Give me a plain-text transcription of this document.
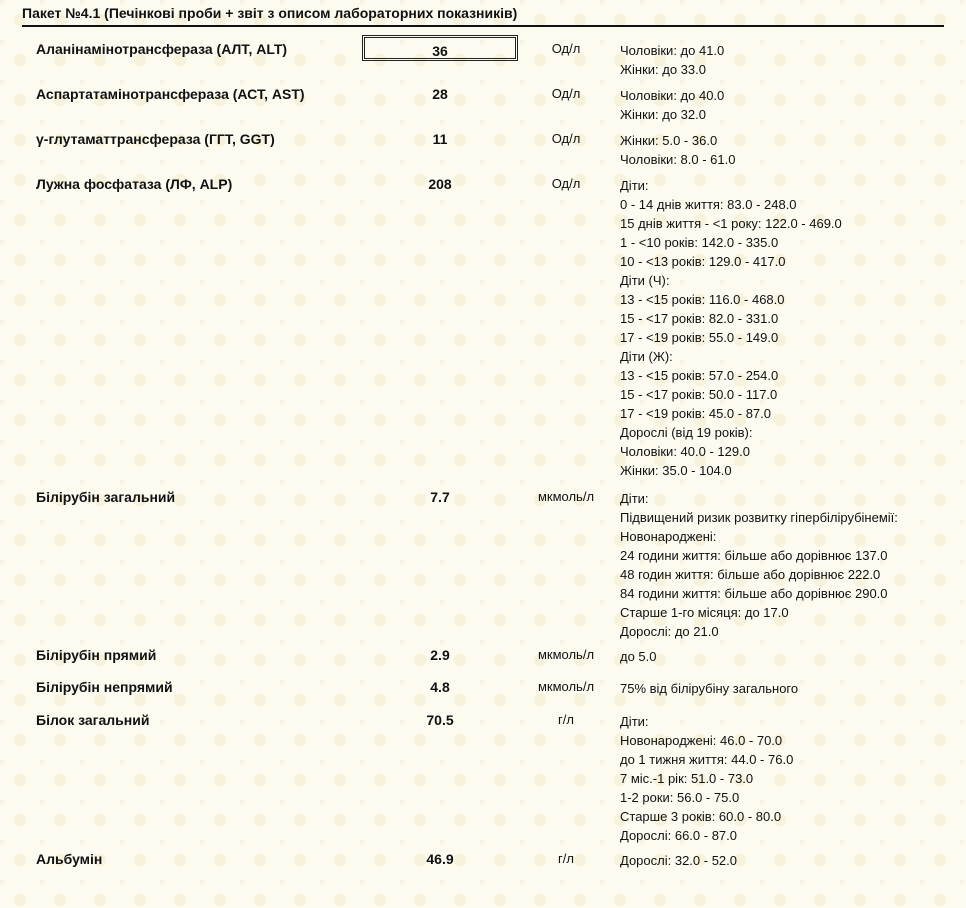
Пакет №4.1 (Печінкові проби + звіт з описом лабораторних показників)
Аланінамінотрансфераза (АЛТ, ALT)	36	Од/л	Чоловіки: до 41.0
Жінки: до 33.0
Аспартатамінотрансфераза (АСТ, AST)	28	Од/л	Чоловіки: до 40.0
Жінки: до 32.0
γ-глутаматтрансфераза (ГГТ, GGT)	11	Од/л	Жінки: 5.0 - 36.0
Чоловіки: 8.0 - 61.0
Лужна фосфатаза (ЛФ, ALP)	208	Од/л	Діти:
0 - 14 днів життя: 83.0 - 248.0
15 днів життя - <1 року: 122.0 - 469.0
1 - <10 років: 142.0 - 335.0
10 - <13 років: 129.0 - 417.0
Діти (Ч):
13 - <15 років: 116.0 - 468.0
15 - <17 років: 82.0 - 331.0
17 - <19 років: 55.0 - 149.0
Діти (Ж):
13 - <15 років: 57.0 - 254.0
15 - <17 років: 50.0 - 117.0
17 - <19 років: 45.0 - 87.0
Дорослі (від 19 років):
Чоловіки: 40.0 - 129.0
Жінки: 35.0 - 104.0
Білірубін загальний	7.7	мкмоль/л	Діти:
Підвищений ризик розвитку гіпербілірубінемії:
Новонароджені:
24 години життя: більше або дорівнює 137.0
48 годин життя: більше або дорівнює 222.0
84 години життя: більше або дорівнює 290.0
Старше 1-го місяця: до 17.0
Дорослі: до 21.0
Білірубін прямий	2.9	мкмоль/л	до 5.0
Білірубін непрямий	4.8	мкмоль/л	75% від білірубіну загального
Білок загальний	70.5	г/л	Діти:
Новонароджені: 46.0 - 70.0
до 1 тижня життя: 44.0 - 76.0
7 міс.-1 рік: 51.0 - 73.0
1-2 роки: 56.0 - 75.0
Старше 3 років: 60.0 - 80.0
Дорослі: 66.0 - 87.0
Альбумін	46.9	г/л	Дорослі: 32.0 - 52.0
